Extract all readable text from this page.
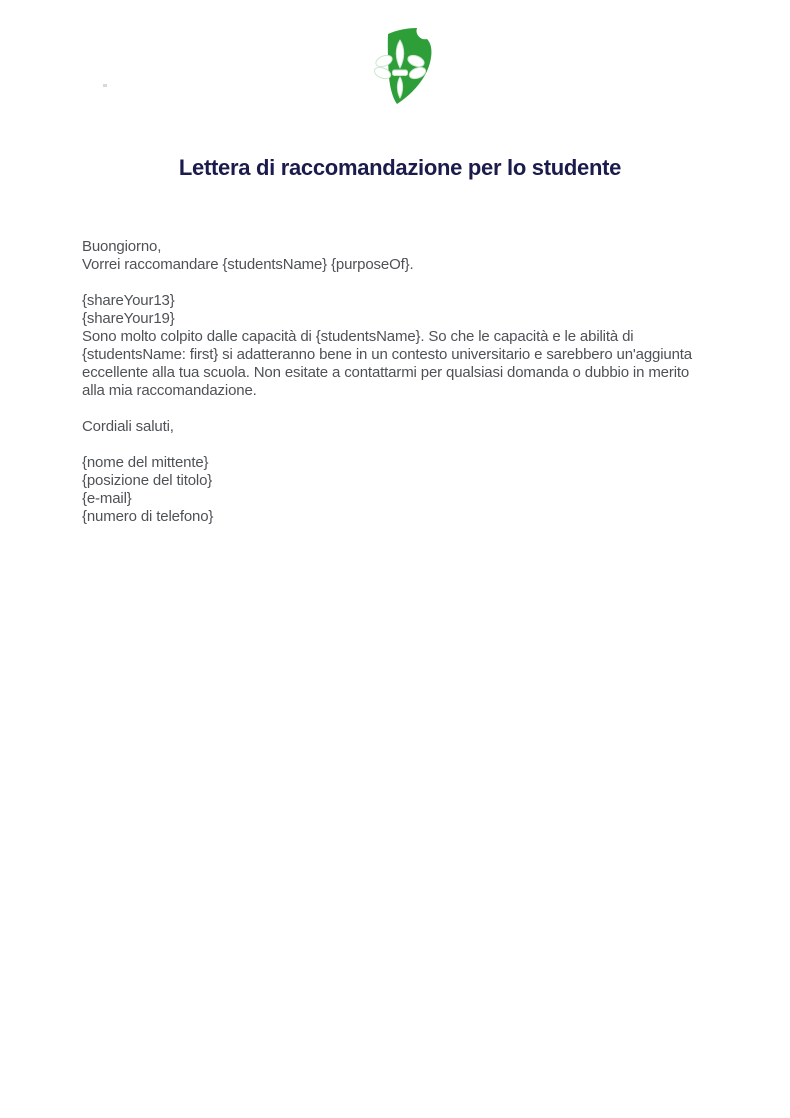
Lettera di raccomandazione per lo studente
Buongiorno,
Vorrei raccomandare {studentsName} {purposeOf}.
{shareYour13}
{shareYour19}
Sono molto colpito dalle capacità di {studentsName}. So che le capacità e le abilità di
{studentsName: first} si adatteranno bene in un contesto universitario e sarebbero un'aggiunta
eccellente alla tua scuola. Non esitate a contattarmi per qualsiasi domanda o dubbio in merito
alla mia raccomandazione.
Cordiali saluti,
{nome del mittente}
{posizione del titolo}
{e-mail}
{numero di telefono}
